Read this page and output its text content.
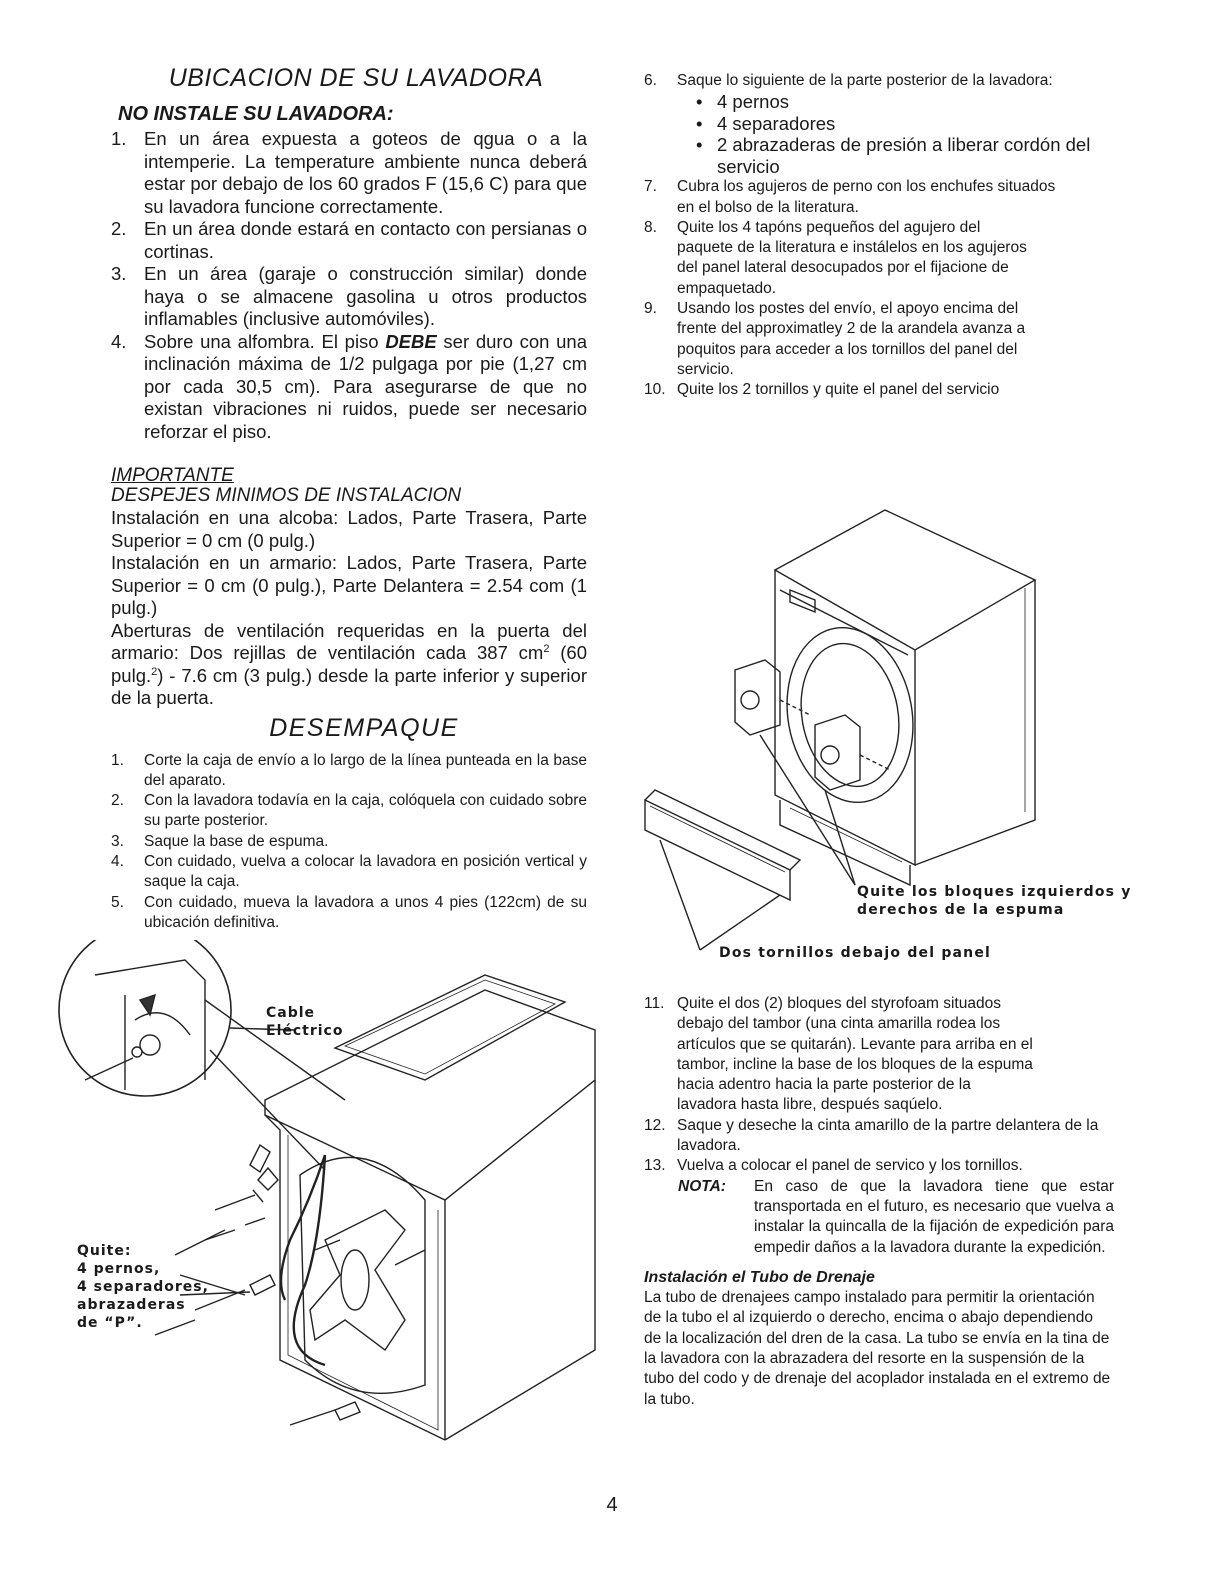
UBICACION DE SU LAVADORA
NO INSTALE SU LAVADORA:
1. En un área expuesta a goteos de qgua o a la intemperie. La temperature ambiente nunca deberá estar por debajo de los 60 grados F (15,6 C) para que su lavadora funcione correctamente.
2. En un área donde estará en contacto con persianas o cortinas.
3. En un área (garaje o construcción similar) donde haya o se almacene gasolina u otros productos inflamables (inclusive automóviles).
4. Sobre una alfombra. El piso DEBE ser duro con una inclinación máxima de 1/2 pulgaga por pie (1,27 cm por cada 30,5 cm). Para asegurarse de que no existan vibraciones ni ruidos, puede ser necesario reforzar el piso.
IMPORTANTE
DESPEJES MINIMOS DE INSTALACION
Instalación en una alcoba: Lados, Parte Trasera, Parte Superior = 0 cm (0 pulg.)
Instalación en un armario: Lados, Parte Trasera, Parte Superior = 0 cm (0 pulg.), Parte Delantera = 2.54 com (1 pulg.)
Aberturas de ventilación requeridas en la puerta del armario: Dos rejillas de ventilación cada 387 $cm^2$ (60 pulg.$^2$) - 7.6 cm (3 pulg.) desde la parte inferior y superior de la puerta.
DESEMPAQUE
1. Corte la caja de envío a lo largo de la línea punteada en la base del aparato.
2. Con la lavadora todavía en la caja, colóquela con cuidado sobre su parte posterior.
3. Saque la base de espuma.
4. Con cuidado, vuelva a colocar la lavadora en posición vertical y saque la caja.
5. Con cuidado, mueva la lavadora a unos 4 pies (122cm) de su ubicación definitiva.
Cable
Eléctrico
Quite:
4 pernos,
4 separadores,
abrazaderas
de “P”.
6. Saque lo siguiente de la parte posterior de la lavadora:
• 4 pernos
• 4 separadores
• 2 abrazaderas de presión a liberar cordón del servicio
7. Cubra los agujeros de perno con los enchufes situados en el bolso de la literatura.
8. Quite los 4 tapóns pequeños del agujero del paquete de la literatura e instálelos en los agujeros del panel lateral desocupados por el fijacione de empaquetado.
9. Usando los postes del envío, el apoyo encima del frente del approximatley 2 de la arandela avanza a poquitos para acceder a los tornillos del panel del servicio.
10. Quite los 2 tornillos y quite el panel del servicio
Quite los bloques izquierdos y
derechos de la espuma
Dos tornillos debajo del panel
11. Quite el dos (2) bloques del styrofoam situados debajo del tambor (una cinta amarilla rodea los artículos que se quitarán). Levante para arriba en el tambor, incline la base de los bloques de la espuma hacia adentro hacia la parte posterior de la lavadora hasta libre, después saqúelo.
12. Saque y deseche la cinta amarillo de la partre delantera de la lavadora.
13. Vuelva a colocar el panel de servico y los tornillos.
NOTA: En caso de que la lavadora tiene que estar transportada en el futuro, es necesario que vuelva a instalar la quincalla de la fijación de expedición para empedir daños a la lavadora durante la expedición.
Instalación el Tubo de Drenaje
La tubo de drenajees campo instalado para permitir la orientación de la tubo el al izquierdo o derecho, encima o abajo dependiendo de la localización del dren de la casa. La tubo se envía en la tina de la lavadora con la abrazadera del resorte en la suspensión de la tubo del codo y de drenaje del acoplador instalada en el extremo de la tubo.
4
